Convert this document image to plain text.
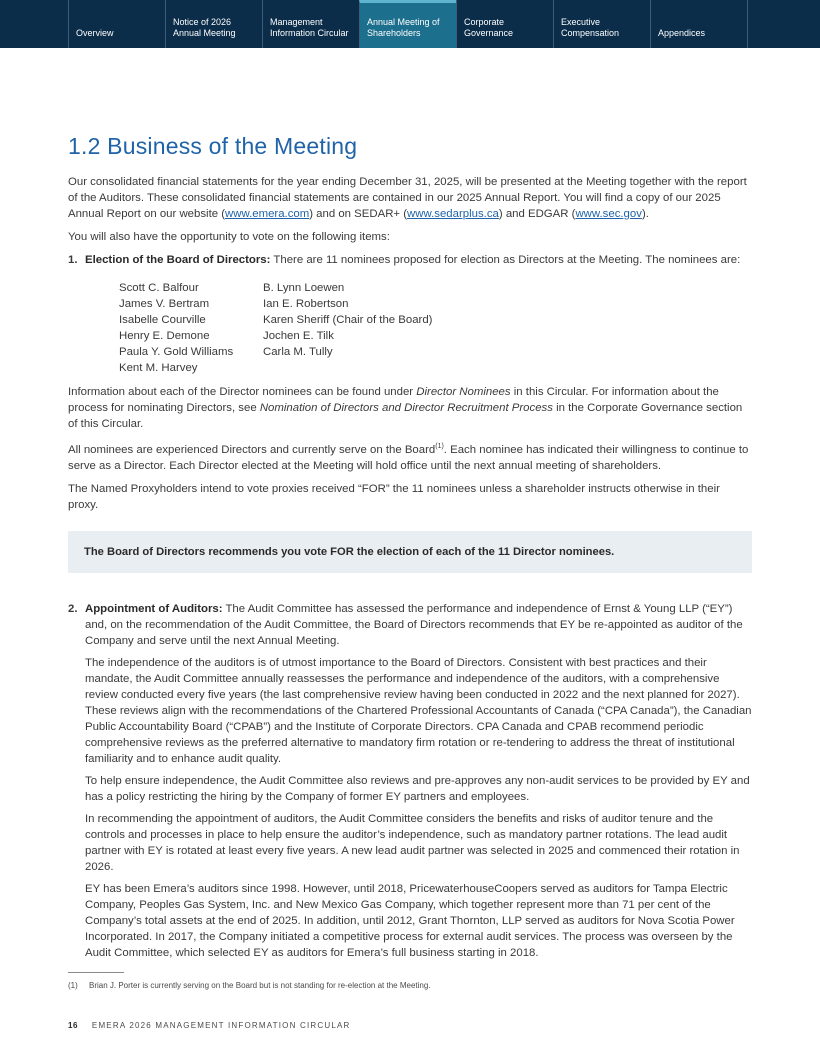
Overview
Notice of 2026
Annual Meeting
Management
Information Circular
Annual Meeting of
Shareholders
Corporate
Governance
Executive
Compensation	Appendices
1.2 Business of the Meeting

Our consolidated financial statements for the year ending December 31, 2025, will be presented at the Meeting together with the report of the Auditors. These consolidated financial statements are contained in our 2025 Annual Report. You will find a copy of our 2025 Annual Report on our website (www.emera.com) and on SEDAR+ (www.sedarplus.ca) and EDGAR (www.sec.gov).

You will also have the opportunity to vote on the following items:

1. Election of the Board of Directors: There are 11 nominees proposed for election as Directors at the Meeting. The nominees are:

Scott C. Balfour
James V. Bertram
Isabelle Courville
Henry E. Demone
Paula Y. Gold Williams
Kent M. Harvey
B. Lynn Loewen
Ian E. Robertson
Karen Sheriff (Chair of the Board)
Jochen E. Tilk
Carla M. Tully

Information about each of the Director nominees can be found under Director Nominees in this Circular. For information about the process for nominating Directors, see Nomination of Directors and Director Recruitment Process in the Corporate Governance section of this Circular.

All nominees are experienced Directors and currently serve on the Board$^{(1)}$. Each nominee has indicated their willingness to continue to serve as a Director. Each Director elected at the Meeting will hold office until the next annual meeting of shareholders.

The Named Proxyholders intend to vote proxies received “FOR” the 11 nominees unless a shareholder instructs otherwise in their proxy.

The Board of Directors recommends you vote FOR the election of each of the 11 Director nominees.
2. Appointment of Auditors: The Audit Committee has assessed the performance and independence of Ernst & Young LLP (“EY”) and, on the recommendation of the Audit Committee, the Board of Directors recommends that EY be re-appointed as auditor of the Company and serve until the next Annual Meeting.

The independence of the auditors is of utmost importance to the Board of Directors. Consistent with best practices and their mandate, the Audit Committee annually reassesses the performance and independence of the auditors, with a comprehensive review conducted every five years (the last comprehensive review having been conducted in 2022 and the next planned for 2027). These reviews align with the recommendations of the Chartered Professional Accountants of Canada (“CPA Canada”), the Canadian Public Accountability Board (“CPAB”) and the Institute of Corporate Directors. CPA Canada and CPAB recommend periodic comprehensive reviews as the preferred alternative to mandatory firm rotation or re-tendering to address the threat of institutional familiarity and to enhance audit quality.

To help ensure independence, the Audit Committee also reviews and pre-approves any non-audit services to be provided by EY and has a policy restricting the hiring by the Company of former EY partners and employees.

In recommending the appointment of auditors, the Audit Committee considers the benefits and risks of auditor tenure and the controls and processes in place to help ensure the auditor’s independence, such as mandatory partner rotations. The lead audit partner with EY is rotated at least every five years. A new lead audit partner was selected in 2025 and commenced their rotation in 2026.

EY has been Emera’s auditors since 1998. However, until 2018, PricewaterhouseCoopers served as auditors for Tampa Electric Company, Peoples Gas System, Inc. and New Mexico Gas Company, which together represent more than 71 per cent of the Company’s total assets at the end of 2025. In addition, until 2012, Grant Thornton, LLP served as auditors for Nova Scotia Power Incorporated. In 2017, the Company initiated a competitive process for external audit services. The process was overseen by the Audit Committee, which selected EY as auditors for Emera’s full business starting in 2018.

(1) Brian J. Porter is currently serving on the Board but is not standing for re-election at the Meeting.
16 EMERA 2026 MANAGEMENT INFORMATION CIRCULAR
